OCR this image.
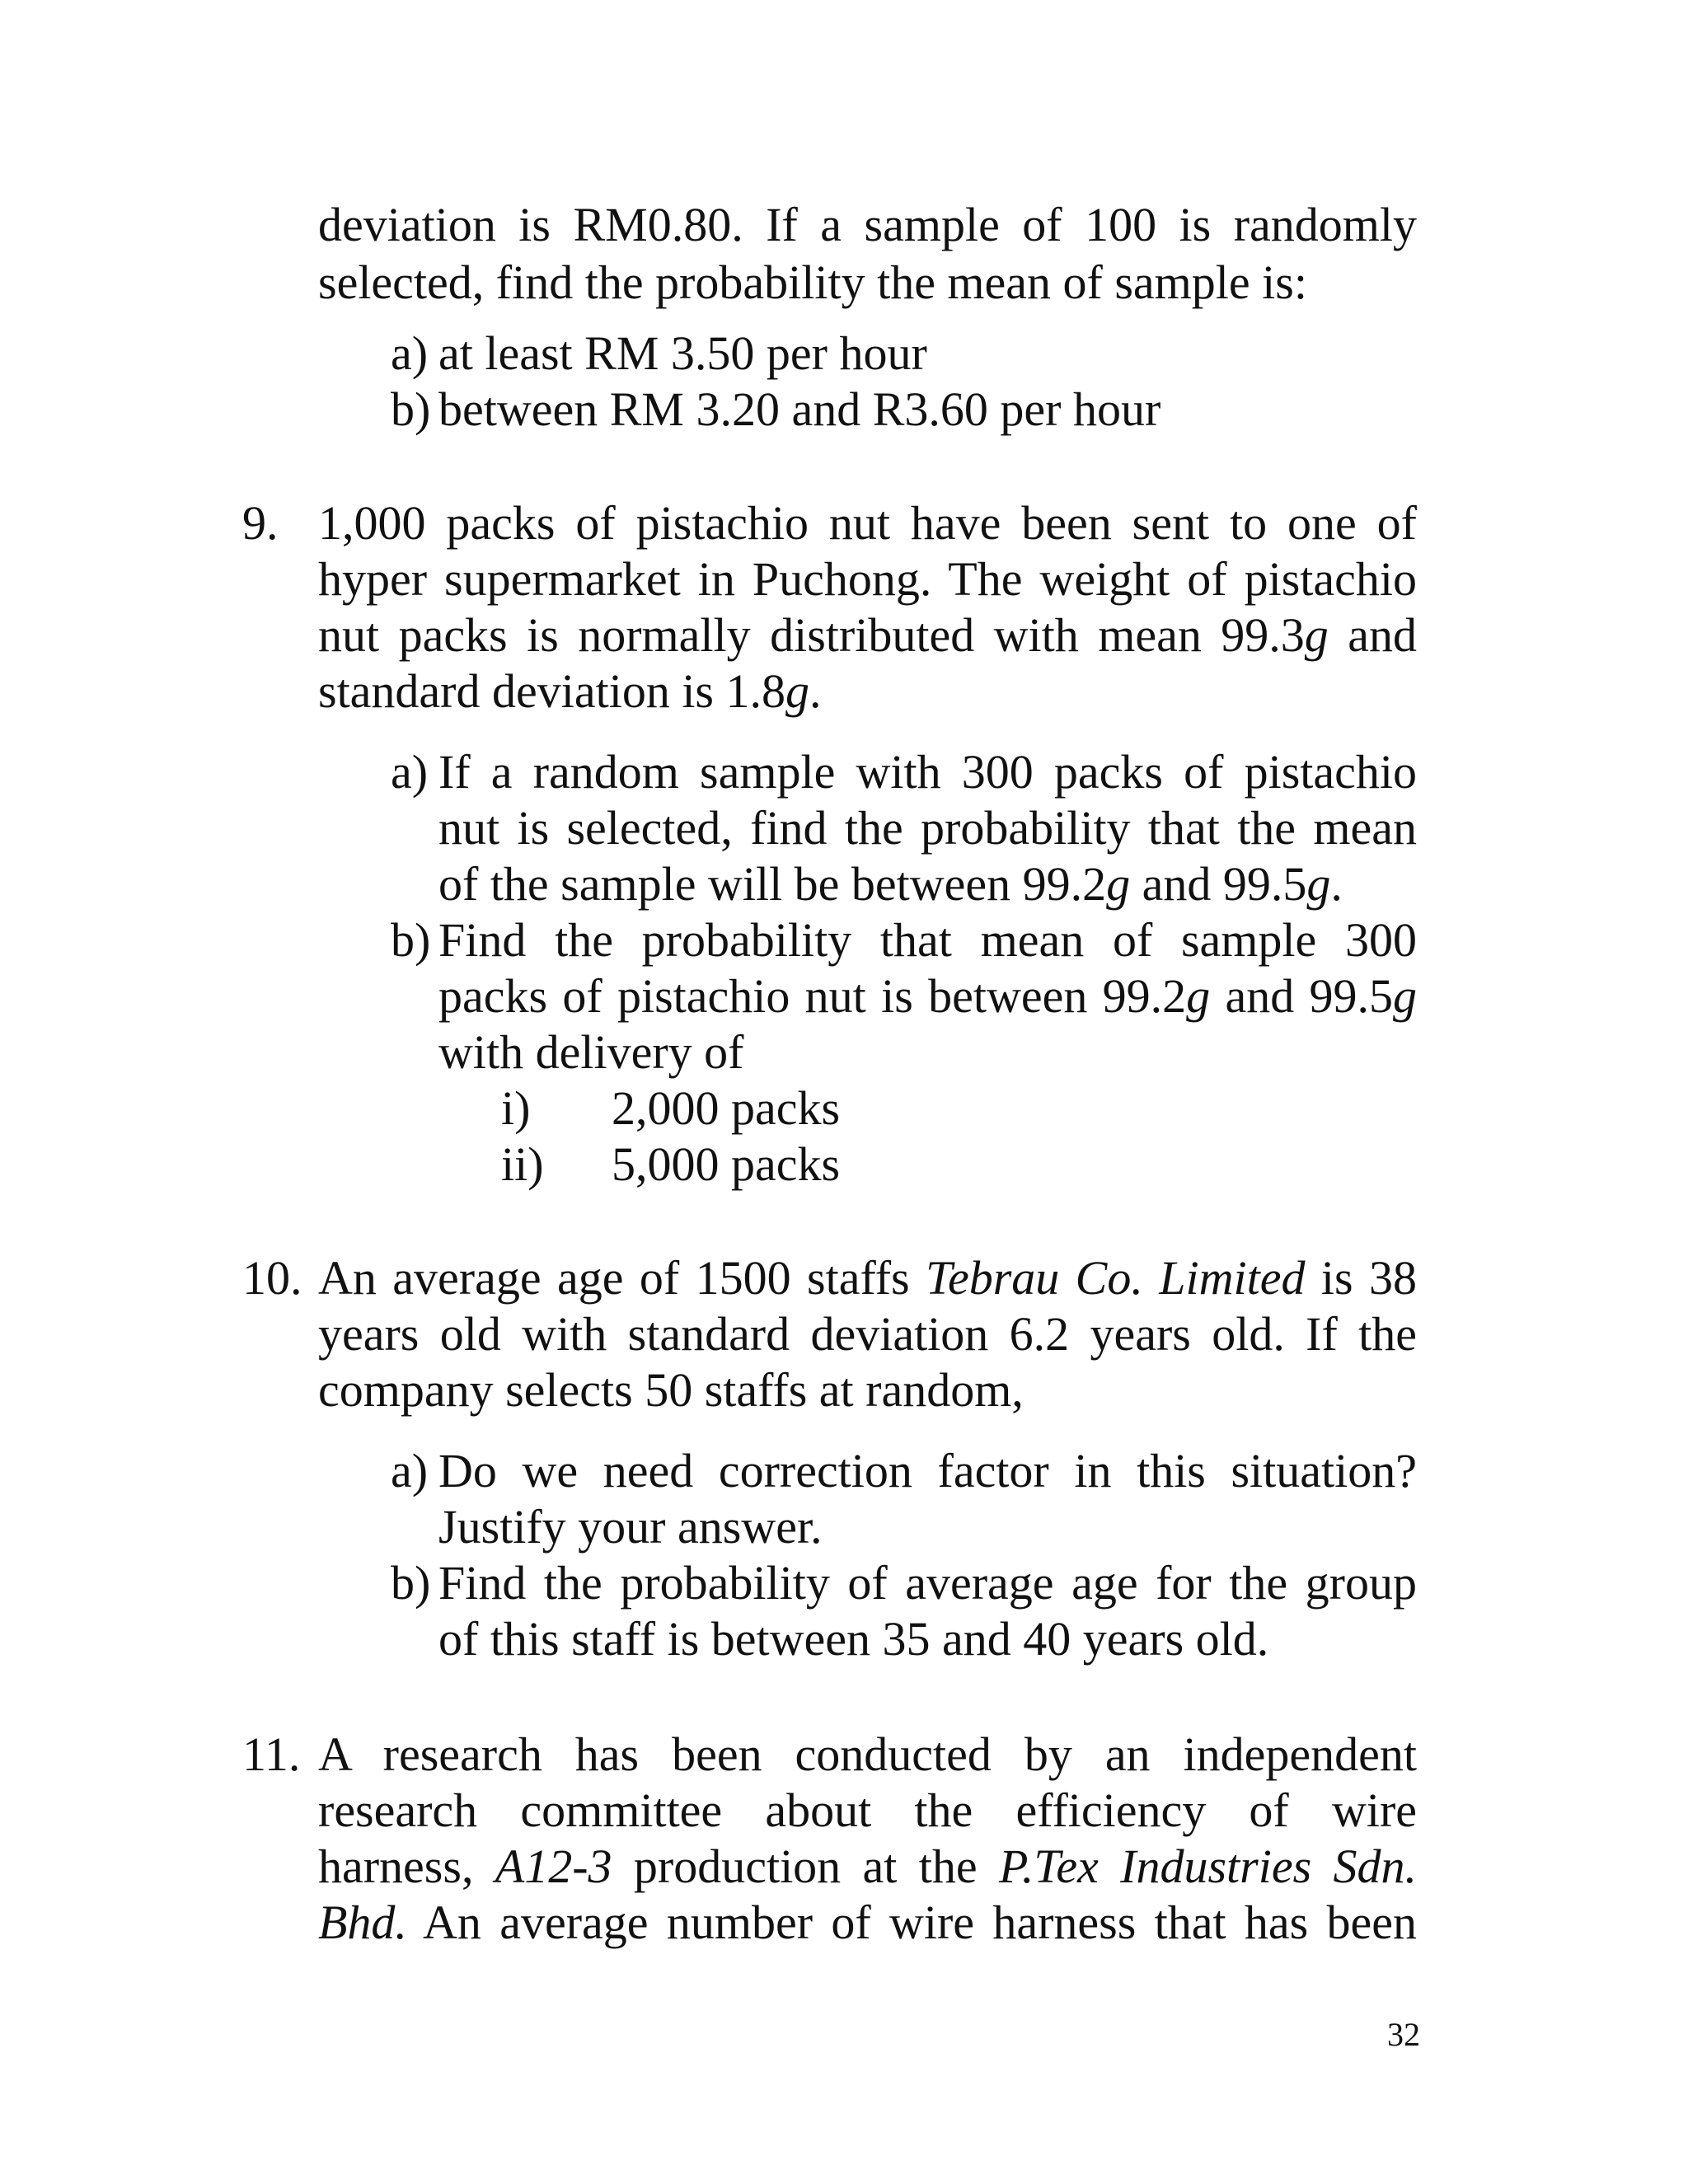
deviation is RM0.80. If a sample of 100 is randomly
selected, find the probability the mean of sample is:
a) at least RM 3.50 per hour
b) between RM 3.20 and R3.60 per hour
9. 1,000 packs of pistachio nut have been sent to one of
hyper supermarket in Puchong. The weight of pistachio
nut packs is normally distributed with mean 99.3g and
standard deviation is 1.8g.
a) If a random sample with 300 packs of pistachio
nut is selected, find the probability that the mean
of the sample will be between 99.2g and 99.5g.
b) Find the probability that mean of sample 300
packs of pistachio nut is between 99.2g and 99.5g
with delivery of
i) 2,000 packs
ii) 5,000 packs
10. An average age of 1500 staffs Tebrau Co. Limited is 38
years old with standard deviation 6.2 years old. If the
company selects 50 staffs at random,
a) Do we need correction factor in this situation?
Justify your answer.
b) Find the probability of average age for the group
of this staff is between 35 and 40 years old.
11. A research has been conducted by an independent
research committee about the efficiency of wire
harness, A12-3 production at the P.Tex Industries Sdn.
Bhd. An average number of wire harness that has been
32
